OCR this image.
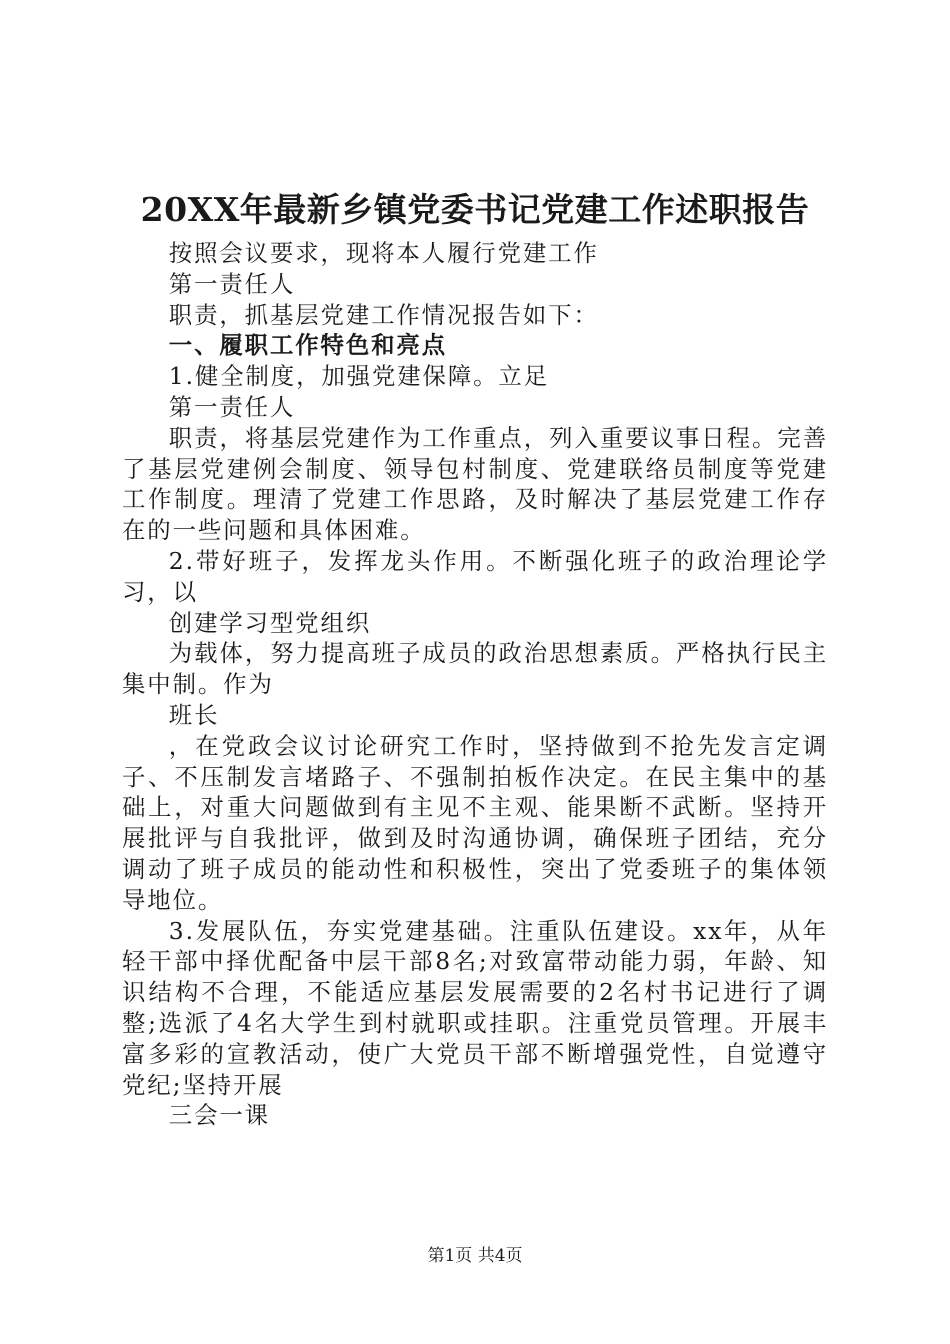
20XX年最新乡镇党委书记党建工作述职报告

按照会议要求，现将本人履行党建工作

第一责任人

职责，抓基层党建工作情况报告如下：

一、履职工作特色和亮点

1.健全制度，加强党建保障。立足

第一责任人

职责，将基层党建作为工作重点，列入重要议事日程。完善了基层党建例会制度、领导包村制度、党建联络员制度等党建工作制度。理清了党建工作思路，及时解决了基层党建工作存在的一些问题和具体困难。

2.带好班子，发挥龙头作用。不断强化班子的政治理论学习，以

创建学习型党组织

为载体，努力提高班子成员的政治思想素质。严格执行民主集中制。作为

班长

，在党政会议讨论研究工作时，坚持做到不抢先发言定调子、不压制发言堵路子、不强制拍板作决定。在民主集中的基础上，对重大问题做到有主见不主观、能果断不武断。坚持开展批评与自我批评，做到及时沟通协调，确保班子团结，充分调动了班子成员的能动性和积极性，突出了党委班子的集体领导地位。

3.发展队伍，夯实党建基础。注重队伍建设。xx年，从年轻干部中择优配备中层干部8名;对致富带动能力弱，年龄、知识结构不合理，不能适应基层发展需要的2名村书记进行了调整;选派了4名大学生到村就职或挂职。注重党员管理。开展丰富多彩的宣教活动，使广大党员干部不断增强党性，自觉遵守党纪;坚持开展

三会一课

第1页 共4页
